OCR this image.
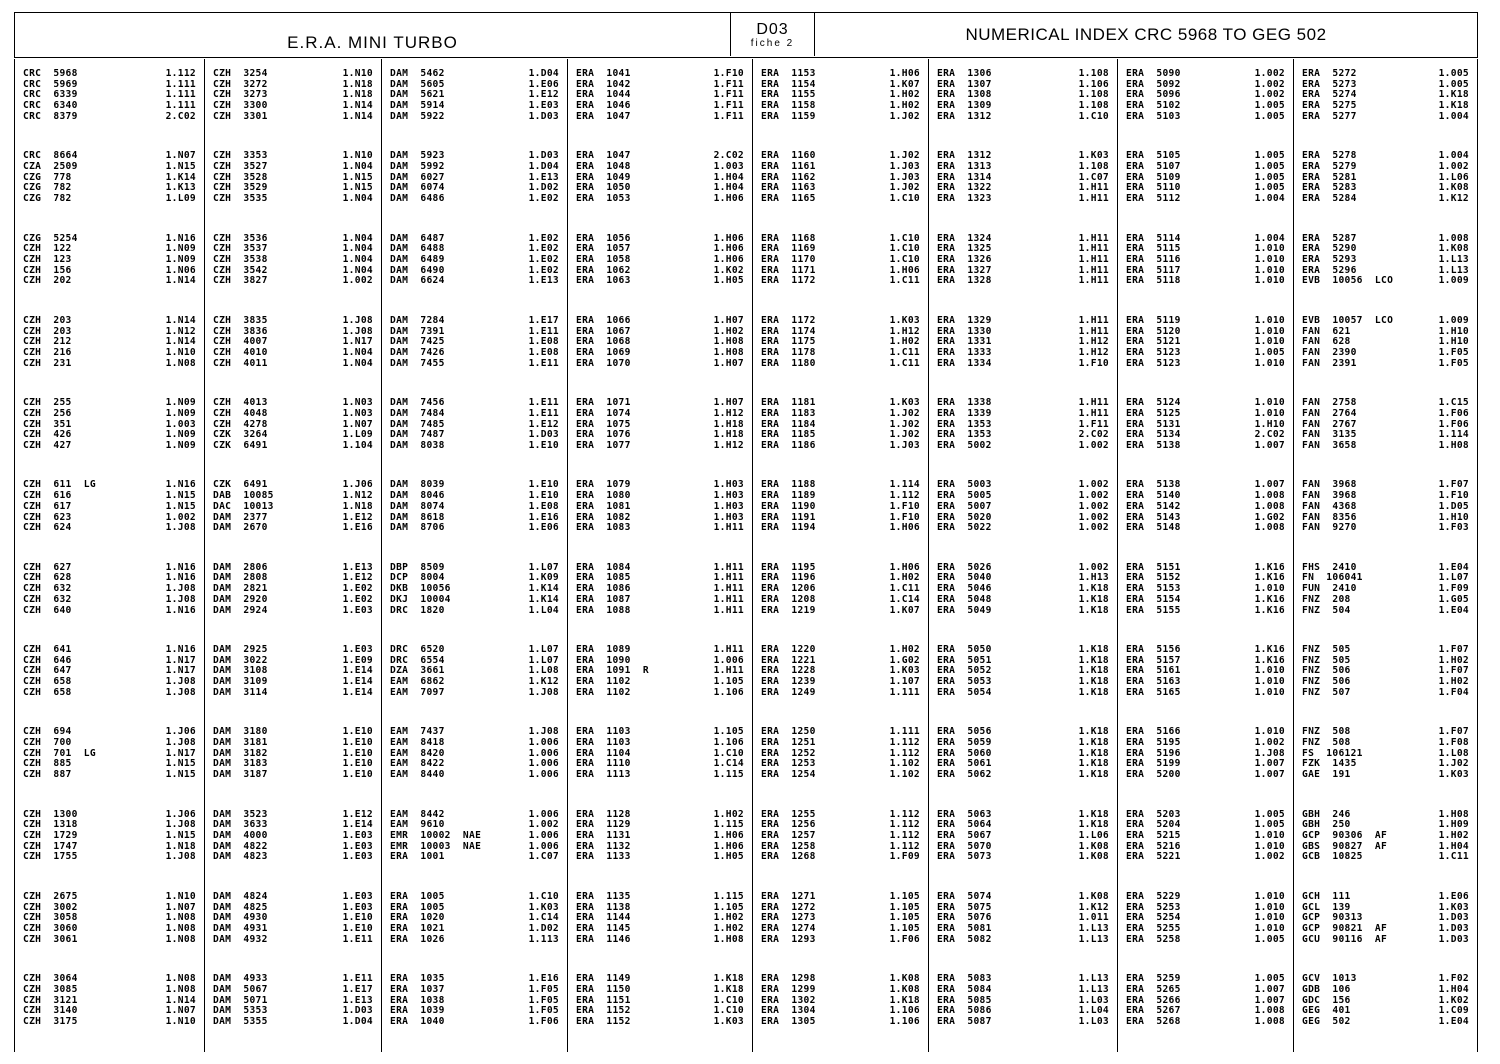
E.R.A. MINI TURBO
D03
fiche 2	NUMERICAL INDEX CRC 5968 TO GEG 502
CRC  5968	1.112
CRC  5969	1.111
CRC  6339	1.111
CRC  6340	1.111
CRC  8379	2.C02
CRC  8664	1.N07
CZA  2509	1.N15
CZG  778	1.K14
CZG  782	1.K13
CZG  782	1.L09
CZG  5254	1.N16
CZH  122	1.N09
CZH  123	1.N09
CZH  156	1.N06
CZH  202	1.N14
CZH  203	1.N14
CZH  203	1.N12
CZH  212	1.N14
CZH  216	1.N10
CZH  231	1.N08
CZH  255	1.N09
CZH  256	1.N09
CZH  351	1.003
CZH  426	1.N09
CZH  427	1.N09
CZH  611  LG	1.N16
CZH  616	1.N15
CZH  617	1.N15
CZH  623	1.002
CZH  624	1.J08
CZH  627	1.N16
CZH  628	1.N16
CZH  632	1.J08
CZH  632	1.J08
CZH  640	1.N16
CZH  641	1.N16
CZH  646	1.N17
CZH  647	1.N17
CZH  658	1.J08
CZH  658	1.J08
CZH  694	1.J06
CZH  700	1.J08
CZH  701  LG	1.N17
CZH  885	1.N15
CZH  887	1.N15
CZH  1300	1.J06
CZH  1318	1.J08
CZH  1729	1.N15
CZH  1747	1.N18
CZH  1755	1.J08
CZH  2675	1.N10
CZH  3002	1.N07
CZH  3058	1.N08
CZH  3060	1.N08
CZH  3061	1.N08
CZH  3064	1.N08
CZH  3085	1.N08
CZH  3121	1.N14
CZH  3140	1.N07
CZH  3175	1.N10
CZH  3254	1.N10
CZH  3272	1.N18
CZH  3273	1.N18
CZH  3300	1.N14
CZH  3301	1.N14
CZH  3353	1.N10
CZH  3527	1.N04
CZH  3528	1.N15
CZH  3529	1.N15
CZH  3535	1.N04
CZH  3536	1.N04
CZH  3537	1.N04
CZH  3538	1.N04
CZH  3542	1.N04
CZH  3827	1.002
CZH  3835	1.J08
CZH  3836	1.J08
CZH  4007	1.N17
CZH  4010	1.N04
CZH  4011	1.N04
CZH  4013	1.N03
CZH  4048	1.N03
CZH  4278	1.N07
CZK  3264	1.L09
CZK  6491	1.104
CZK  6491	1.J06
DAB  10085	1.N12
DAC  10013	1.N18
DAM  2377	1.E12
DAM  2670	1.E16
DAM  2806	1.E13
DAM  2808	1.E12
DAM  2821	1.E02
DAM  2920	1.E02
DAM  2924	1.E03
DAM  2925	1.E03
DAM  3022	1.E09
DAM  3108	1.E14
DAM  3109	1.E14
DAM  3114	1.E14
DAM  3180	1.E10
DAM  3181	1.E10
DAM  3182	1.E10
DAM  3183	1.E10
DAM  3187	1.E10
DAM  3523	1.E12
DAM  3633	1.E14
DAM  4000	1.E03
DAM  4822	1.E03
DAM  4823	1.E03
DAM  4824	1.E03
DAM  4825	1.E03
DAM  4930	1.E10
DAM  4931	1.E10
DAM  4932	1.E11
DAM  4933	1.E11
DAM  5067	1.E17
DAM  5071	1.E13
DAM  5353	1.D03
DAM  5355	1.D04
DAM  5462	1.D04
DAM  5605	1.E06
DAM  5621	1.E12
DAM  5914	1.E03
DAM  5922	1.D03
DAM  5923	1.D03
DAM  5992	1.D04
DAM  6027	1.E13
DAM  6074	1.D02
DAM  6486	1.E02
DAM  6487	1.E02
DAM  6488	1.E02
DAM  6489	1.E02
DAM  6490	1.E02
DAM  6624	1.E13
DAM  7284	1.E17
DAM  7391	1.E11
DAM  7425	1.E08
DAM  7426	1.E08
DAM  7455	1.E11
DAM  7456	1.E11
DAM  7484	1.E11
DAM  7485	1.E12
DAM  7487	1.D03
DAM  8038	1.E10
DAM  8039	1.E10
DAM  8046	1.E10
DAM  8074	1.E08
DAM  8618	1.E16
DAM  8706	1.E06
DBP  8509	1.L07
DCP  8004	1.K09
DKB  10056	1.K14
DKJ  10004	1.K14
DRC  1820	1.L04
DRC  6520	1.L07
DRC  6554	1.L07
DZA  3661	1.L08
EAM  6862	1.K12
EAM  7097	1.J08
EAM  7437	1.J08
EAM  8418	1.006
EAM  8420	1.006
EAM  8422	1.006
EAM  8440	1.006
EAM  8442	1.006
EAM  9610	1.002
EMR  10002  NAE	1.006
EMR  10003  NAE	1.006
ERA  1001	1.C07
ERA  1005	1.C10
ERA  1005	1.K03
ERA  1020	1.C14
ERA  1021	1.D02
ERA  1026	1.113
ERA  1035	1.E16
ERA  1037	1.F05
ERA  1038	1.F05
ERA  1039	1.F05
ERA  1040	1.F06
ERA  1041	1.F10
ERA  1042	1.F11
ERA  1044	1.F11
ERA  1046	1.F11
ERA  1047	1.F11
ERA  1047	2.C02
ERA  1048	1.003
ERA  1049	1.H04
ERA  1050	1.H04
ERA  1053	1.H06
ERA  1056	1.H06
ERA  1057	1.H06
ERA  1058	1.H06
ERA  1062	1.K02
ERA  1063	1.H05
ERA  1066	1.H07
ERA  1067	1.H02
ERA  1068	1.H08
ERA  1069	1.H08
ERA  1070	1.H07
ERA  1071	1.H07
ERA  1074	1.H12
ERA  1075	1.H18
ERA  1076	1.H18
ERA  1077	1.H12
ERA  1079	1.H03
ERA  1080	1.H03
ERA  1081	1.H03
ERA  1082	1.H03
ERA  1083	1.H11
ERA  1084	1.H11
ERA  1085	1.H11
ERA  1086	1.H11
ERA  1087	1.H11
ERA  1088	1.H11
ERA  1089	1.H11
ERA  1090	1.006
ERA  1091  R	1.H11
ERA  1102	1.105
ERA  1102	1.106
ERA  1103	1.105
ERA  1103	1.106
ERA  1104	1.C10
ERA  1110	1.C14
ERA  1113	1.115
ERA  1128	1.H02
ERA  1129	1.115
ERA  1131	1.H06
ERA  1132	1.H06
ERA  1133	1.H05
ERA  1135	1.115
ERA  1138	1.105
ERA  1144	1.H02
ERA  1145	1.H02
ERA  1146	1.H08
ERA  1149	1.K18
ERA  1150	1.K18
ERA  1151	1.C10
ERA  1152	1.C10
ERA  1152	1.K03
ERA  1153	1.H06
ERA  1154	1.K07
ERA  1155	1.H02
ERA  1158	1.H02
ERA  1159	1.J02
ERA  1160	1.J02
ERA  1161	1.J03
ERA  1162	1.J03
ERA  1163	1.J02
ERA  1165	1.C10
ERA  1168	1.C10
ERA  1169	1.C10
ERA  1170	1.C10
ERA  1171	1.H06
ERA  1172	1.C11
ERA  1172	1.K03
ERA  1174	1.H12
ERA  1175	1.H02
ERA  1178	1.C11
ERA  1180	1.C11
ERA  1181	1.K03
ERA  1183	1.J02
ERA  1184	1.J02
ERA  1185	1.J02
ERA  1186	1.J03
ERA  1188	1.114
ERA  1189	1.112
ERA  1190	1.F10
ERA  1191	1.F10
ERA  1194	1.H06
ERA  1195	1.H06
ERA  1196	1.H02
ERA  1206	1.C11
ERA  1208	1.C14
ERA  1219	1.K07
ERA  1220	1.H02
ERA  1221	1.G02
ERA  1228	1.K03
ERA  1239	1.107
ERA  1249	1.111
ERA  1250	1.111
ERA  1251	1.112
ERA  1252	1.112
ERA  1253	1.102
ERA  1254	1.102
ERA  1255	1.112
ERA  1256	1.112
ERA  1257	1.112
ERA  1258	1.112
ERA  1268	1.F09
ERA  1271	1.105
ERA  1272	1.105
ERA  1273	1.105
ERA  1274	1.105
ERA  1293	1.F06
ERA  1298	1.K08
ERA  1299	1.K08
ERA  1302	1.K18
ERA  1304	1.106
ERA  1305	1.106
ERA  1306	1.108
ERA  1307	1.106
ERA  1308	1.108
ERA  1309	1.108
ERA  1312	1.C10
ERA  1312	1.K03
ERA  1313	1.108
ERA  1314	1.C07
ERA  1322	1.H11
ERA  1323	1.H11
ERA  1324	1.H11
ERA  1325	1.H11
ERA  1326	1.H11
ERA  1327	1.H11
ERA  1328	1.H11
ERA  1329	1.H11
ERA  1330	1.H11
ERA  1331	1.H12
ERA  1333	1.H12
ERA  1334	1.F10
ERA  1338	1.H11
ERA  1339	1.H11
ERA  1353	1.F11
ERA  1353	2.C02
ERA  5002	1.002
ERA  5003	1.002
ERA  5005	1.002
ERA  5007	1.002
ERA  5020	1.002
ERA  5022	1.002
ERA  5026	1.002
ERA  5040	1.H13
ERA  5046	1.K18
ERA  5048	1.K18
ERA  5049	1.K18
ERA  5050	1.K18
ERA  5051	1.K18
ERA  5052	1.K18
ERA  5053	1.K18
ERA  5054	1.K18
ERA  5056	1.K18
ERA  5059	1.K18
ERA  5060	1.K18
ERA  5061	1.K18
ERA  5062	1.K18
ERA  5063	1.K18
ERA  5064	1.K18
ERA  5067	1.L06
ERA  5070	1.K08
ERA  5073	1.K08
ERA  5074	1.K08
ERA  5075	1.K12
ERA  5076	1.011
ERA  5081	1.L13
ERA  5082	1.L13
ERA  5083	1.L13
ERA  5084	1.L13
ERA  5085	1.L03
ERA  5086	1.L04
ERA  5087	1.L03
ERA  5090	1.002
ERA  5092	1.002
ERA  5096	1.002
ERA  5102	1.005
ERA  5103	1.005
ERA  5105	1.005
ERA  5107	1.005
ERA  5109	1.005
ERA  5110	1.005
ERA  5112	1.004
ERA  5114	1.004
ERA  5115	1.010
ERA  5116	1.010
ERA  5117	1.010
ERA  5118	1.010
ERA  5119	1.010
ERA  5120	1.010
ERA  5121	1.010
ERA  5123	1.005
ERA  5123	1.010
ERA  5124	1.010
ERA  5125	1.010
ERA  5131	1.H10
ERA  5134	2.C02
ERA  5138	1.007
ERA  5138	1.007
ERA  5140	1.008
ERA  5142	1.008
ERA  5143	1.G02
ERA  5148	1.008
ERA  5151	1.K16
ERA  5152	1.K16
ERA  5153	1.010
ERA  5154	1.K16
ERA  5155	1.K16
ERA  5156	1.K16
ERA  5157	1.K16
ERA  5161	1.010
ERA  5163	1.010
ERA  5165	1.010
ERA  5166	1.010
ERA  5195	1.002
ERA  5196	1.J08
ERA  5199	1.007
ERA  5200	1.007
ERA  5203	1.005
ERA  5204	1.005
ERA  5215	1.010
ERA  5216	1.010
ERA  5221	1.002
ERA  5229	1.010
ERA  5253	1.010
ERA  5254	1.010
ERA  5255	1.010
ERA  5258	1.005
ERA  5259	1.005
ERA  5265	1.007
ERA  5266	1.007
ERA  5267	1.008
ERA  5268	1.008
ERA  5272	1.005
ERA  5273	1.005
ERA  5274	1.K18
ERA  5275	1.K18
ERA  5277	1.004
ERA  5278	1.004
ERA  5279	1.002
ERA  5281	1.L06
ERA  5283	1.K08
ERA  5284	1.K12
ERA  5287	1.008
ERA  5290	1.K08
ERA  5293	1.L13
ERA  5296	1.L13
EVB  10056  LCO	1.009
EVB  10057  LCO	1.009
FAN  621	1.H10
FAN  628	1.H10
FAN  2390	1.F05
FAN  2391	1.F05
FAN  2758	1.C15
FAN  2764	1.F06
FAN  2767	1.F06
FAN  3135	1.114
FAN  3658	1.H08
FAN  3968	1.F07
FAN  3968	1.F10
FAN  4368	1.D05
FAN  8356	1.H10
FAN  9270	1.F03
FHS  2410	1.E04
FN  106041	1.L07
FUN  2410	1.F09
FNZ  208	1.G05
FNZ  504	1.E04
FNZ  505	1.F07
FNZ  505	1.H02
FNZ  506	1.F07
FNZ  506	1.H02
FNZ  507	1.F04
FNZ  508	1.F07
FNZ  508	1.F08
FS  106121	1.L08
FZK  1435	1.J02
GAE  191	1.K03
GBH  246	1.H08
GBH  250	1.H09
GCP  90306  AF	1.H02
GBS  90827  AF	1.H04
GCB  10825	1.C11
GCH  111	1.E06
GCL  139	1.K03
GCP  90313	1.D03
GCP  90821  AF	1.D03
GCU  90116  AF	1.D03
GCV  1013	1.F02
GDB  106	1.H04
GDC  156	1.K02
GEG  401	1.C09
GEG  502	1.E04
